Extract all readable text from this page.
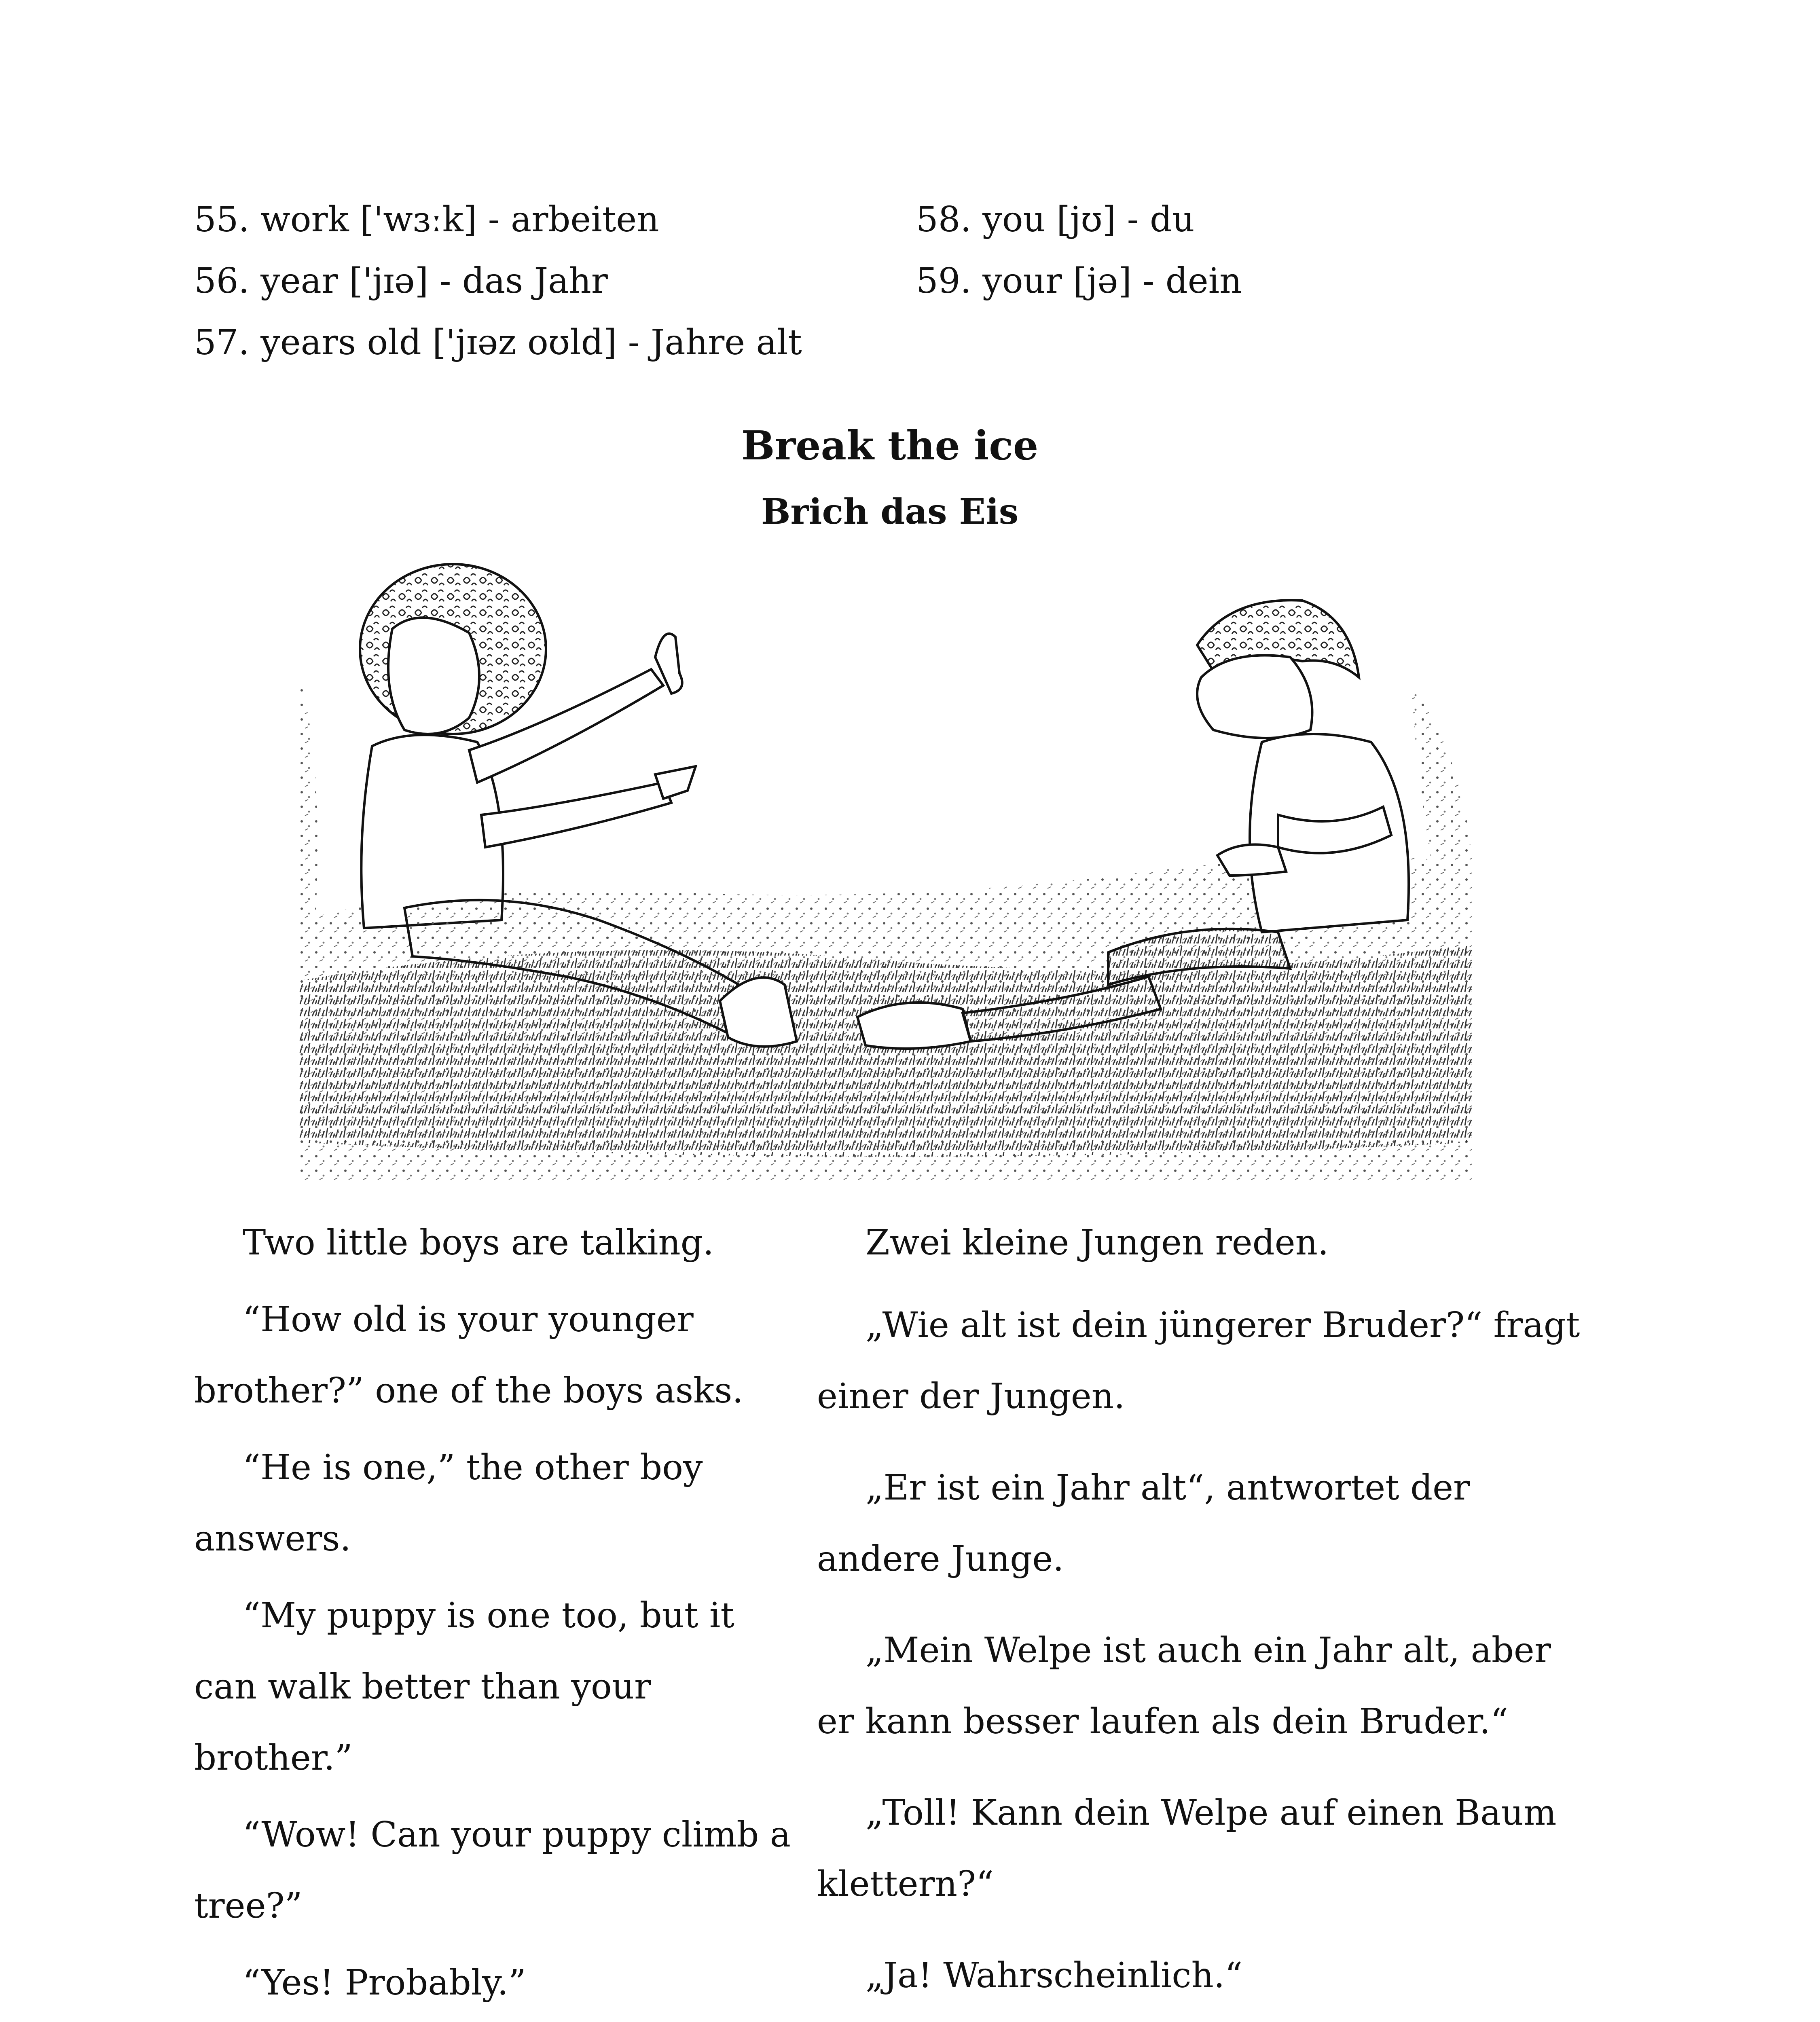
55. work ['wɜːk] - arbeiten
56. year ['jɪə] - das Jahr
57. years old ['jɪəz oʊld] - Jahre alt
58. you [jʊ] - du
59. your [jə] - dein
Break the ice
Brich das Eis

Two little boys are talking.

“How old is your younger brother?” one of the boys asks.

“He is one,” the other boy answers.

“My puppy is one too, but it can walk better than your brother.”

“Wow! Can your puppy climb a tree?”

“Yes! Probably.”

Zwei kleine Jungen reden.

„Wie alt ist dein jüngerer Bruder?“ fragt einer der Jungen.

„Er ist ein Jahr alt“, antwortet der andere Junge.

„Mein Welpe ist auch ein Jahr alt, aber er kann besser laufen als dein Bruder.“

„Toll! Kann dein Welpe auf einen Baum klettern?“

„Ja! Wahrscheinlich.“
